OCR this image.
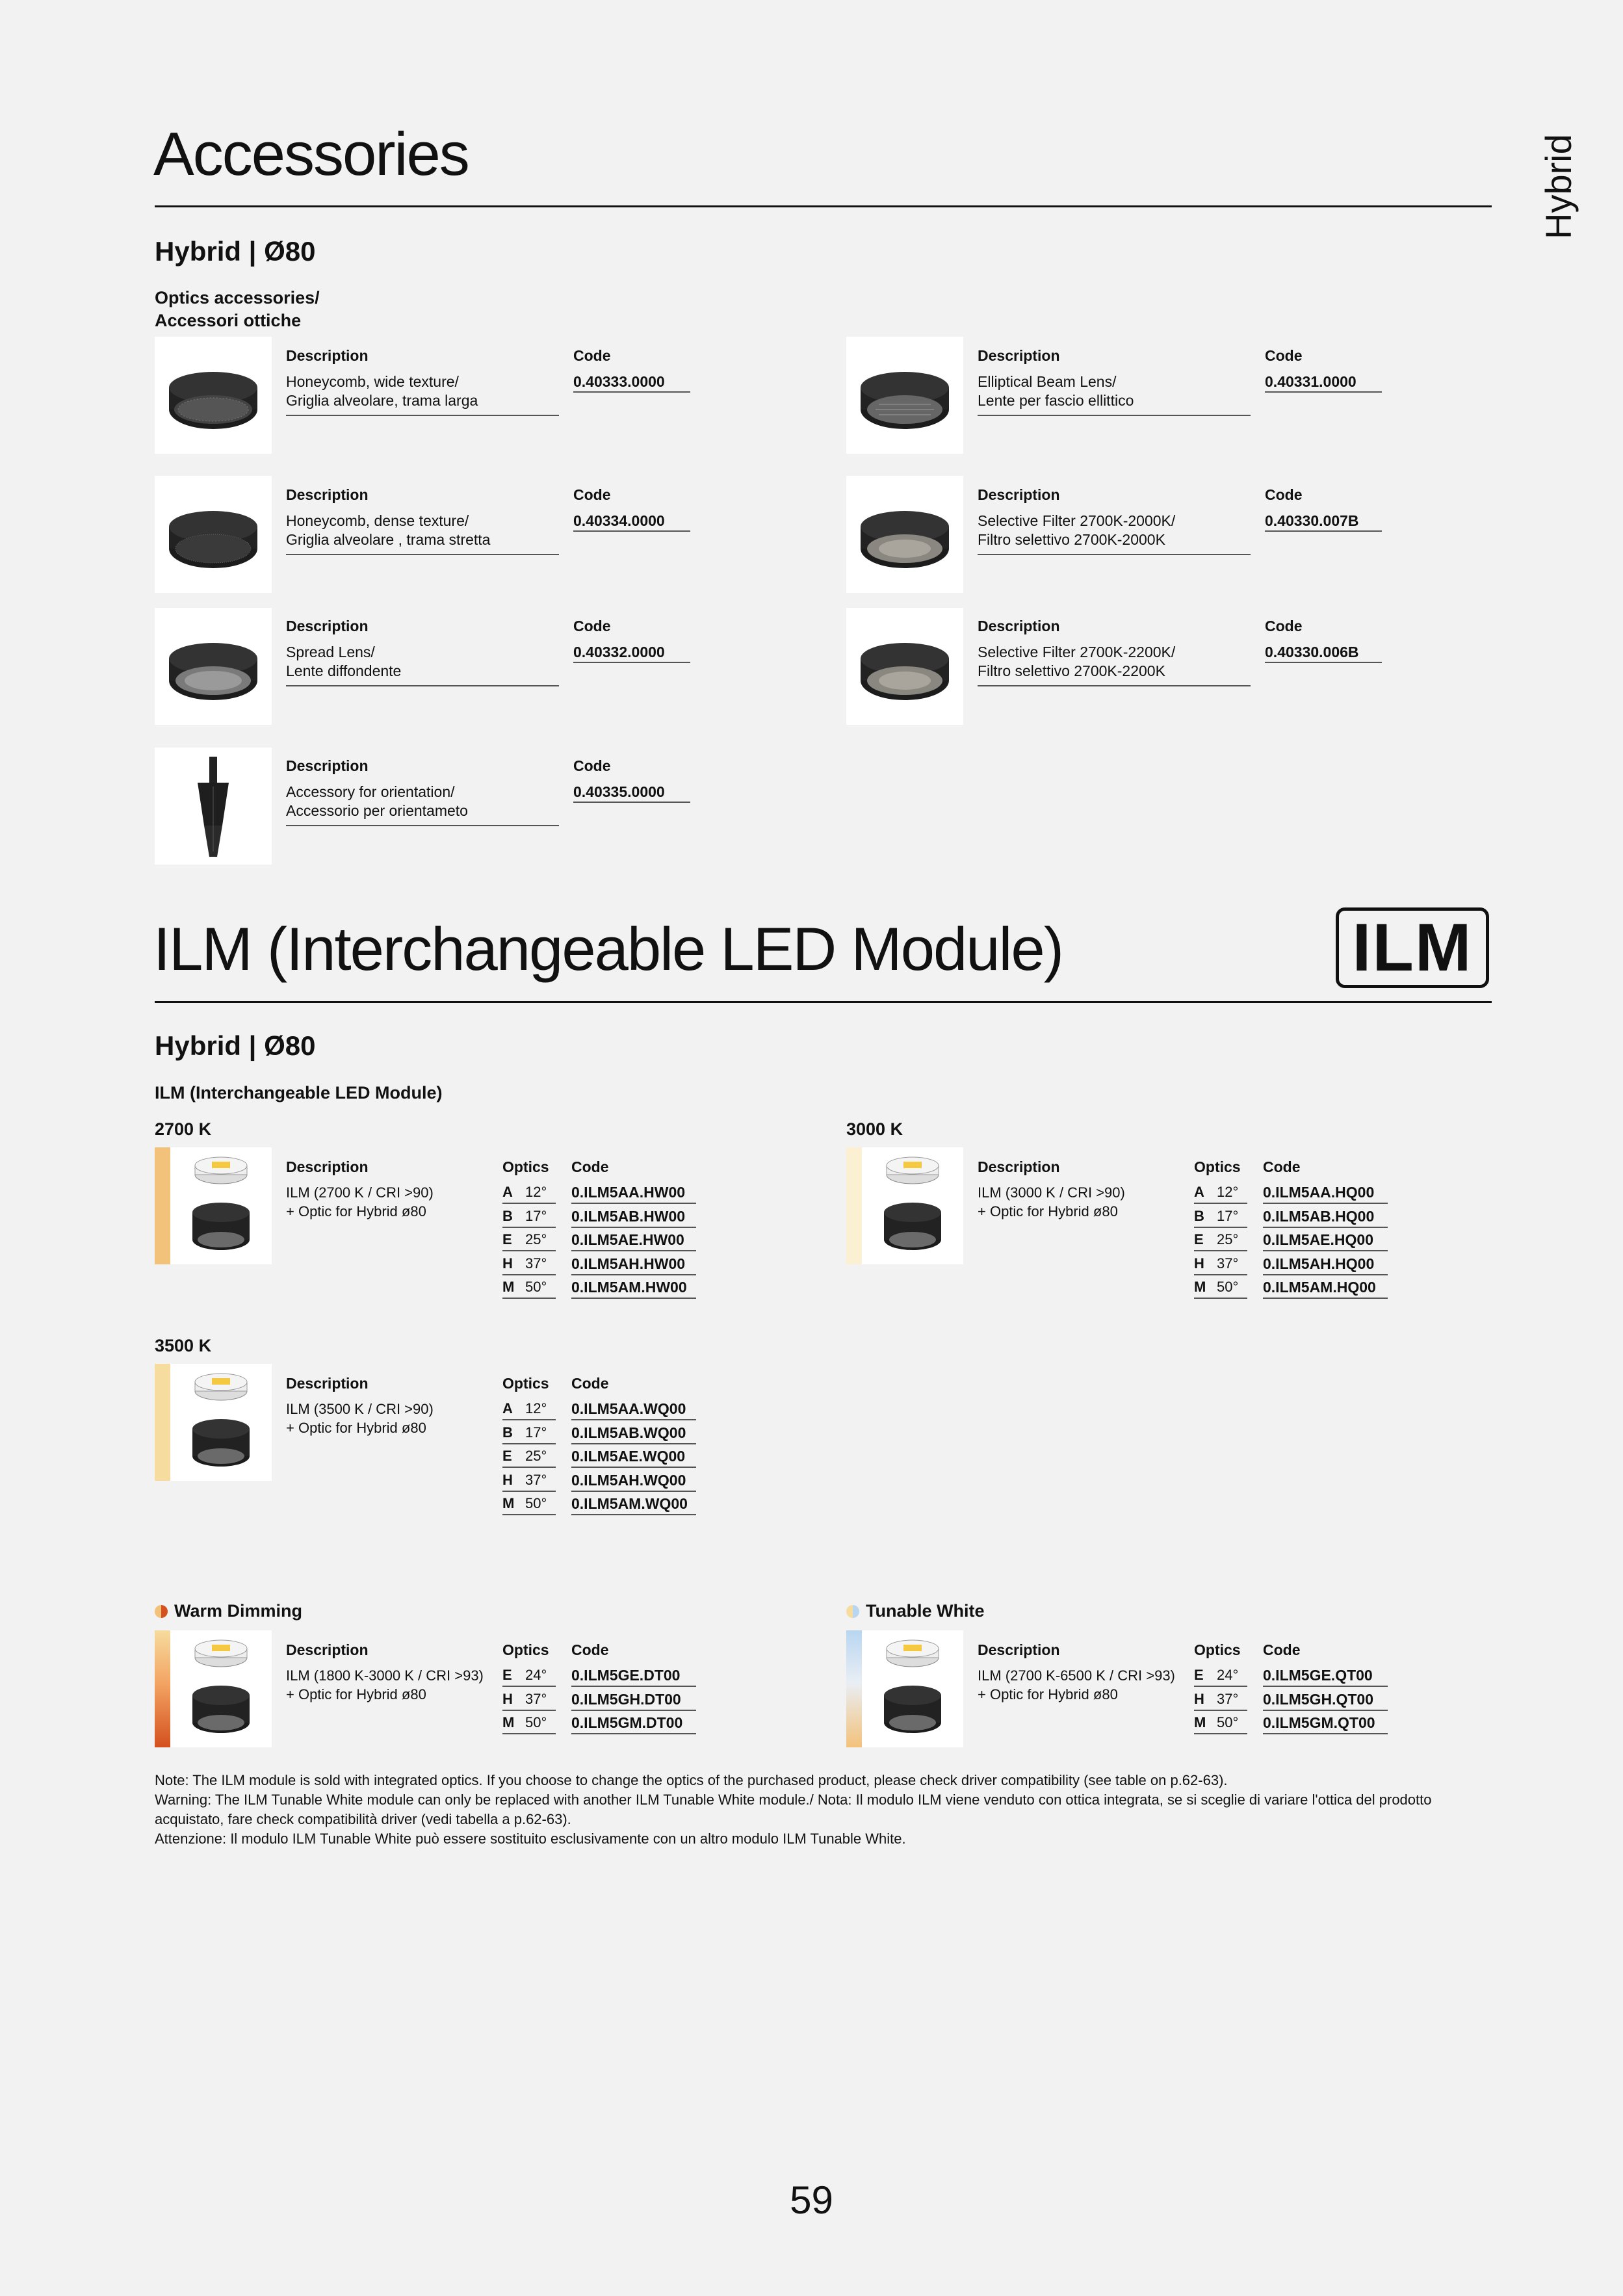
Hybrid
Accessories
Hybrid | Ø80
Optics accessories/
Accessori ottiche
Description	Code
Honeycomb, wide texture/
Griglia alveolare, trama larga
0.40333.0000
Description	Code
Elliptical Beam Lens/
Lente per fascio ellittico
0.40331.0000
Description	Code
Honeycomb, dense texture/
Griglia alveolare , trama stretta
0.40334.0000
Description	Code
Selective Filter 2700K-2000K/
Filtro selettivo 2700K-2000K
0.40330.007B
Description	Code
Spread Lens/
Lente diffondente
0.40332.0000
Description	Code
Selective Filter 2700K-2200K/
Filtro selettivo 2700K-2200K
0.40330.006B
Description	Code
Accessory for orientation/
Accessorio per orientameto
0.40335.0000
ILM (Interchangeable LED Module)	ILM
Hybrid | Ø80
ILM (Interchangeable LED Module)
2700 K
Description	Optics Code
ILM (2700 K / CRI >90)
+ Optic for Hybrid ø80
A 12° 0.ILM5AA.HW00
B 17° 0.ILM5AB.HW00
E 25° 0.ILM5AE.HW00
H 37° 0.ILM5AH.HW00
M 50° 0.ILM5AM.HW00
3000 K
Description	Optics Code
ILM (3000 K / CRI >90)
+ Optic for Hybrid ø80
A 12° 0.ILM5AA.HQ00
B 17° 0.ILM5AB.HQ00
E 25° 0.ILM5AE.HQ00
H 37° 0.ILM5AH.HQ00
M 50° 0.ILM5AM.HQ00
3500 K
Description	Optics Code
ILM (3500 K / CRI >90)
+ Optic for Hybrid ø80
A 12° 0.ILM5AA.WQ00
B 17° 0.ILM5AB.WQ00
E 25° 0.ILM5AE.WQ00
H 37° 0.ILM5AH.WQ00
M 50° 0.ILM5AM.WQ00
Warm Dimming
Description	Optics Code
ILM (1800 K-3000 K / CRI >93)
+ Optic for Hybrid ø80
E 24° 0.ILM5GE.DT00
H 37° 0.ILM5GH.DT00
M 50° 0.ILM5GM.DT00
Tunable White
Description	Optics Code
ILM (2700 K-6500 K / CRI >93)
+ Optic for Hybrid ø80
E 24° 0.ILM5GE.QT00
H 37° 0.ILM5GH.QT00
M 50° 0.ILM5GM.QT00
Note: The ILM module is sold with integrated optics. If you choose to change the optics of the purchased product, please check driver compatibility (see table on p.62-63).
Warning: The ILM Tunable White module can only be replaced with another ILM Tunable White module./ Nota: Il modulo ILM viene venduto con ottica integrata, se si sceglie di variare l'ottica del prodotto acquistato, fare check compatibilità driver (vedi tabella a p.62-63).
Attenzione: Il modulo ILM Tunable White può essere sostituito esclusivamente con un altro modulo ILM Tunable White.
59
